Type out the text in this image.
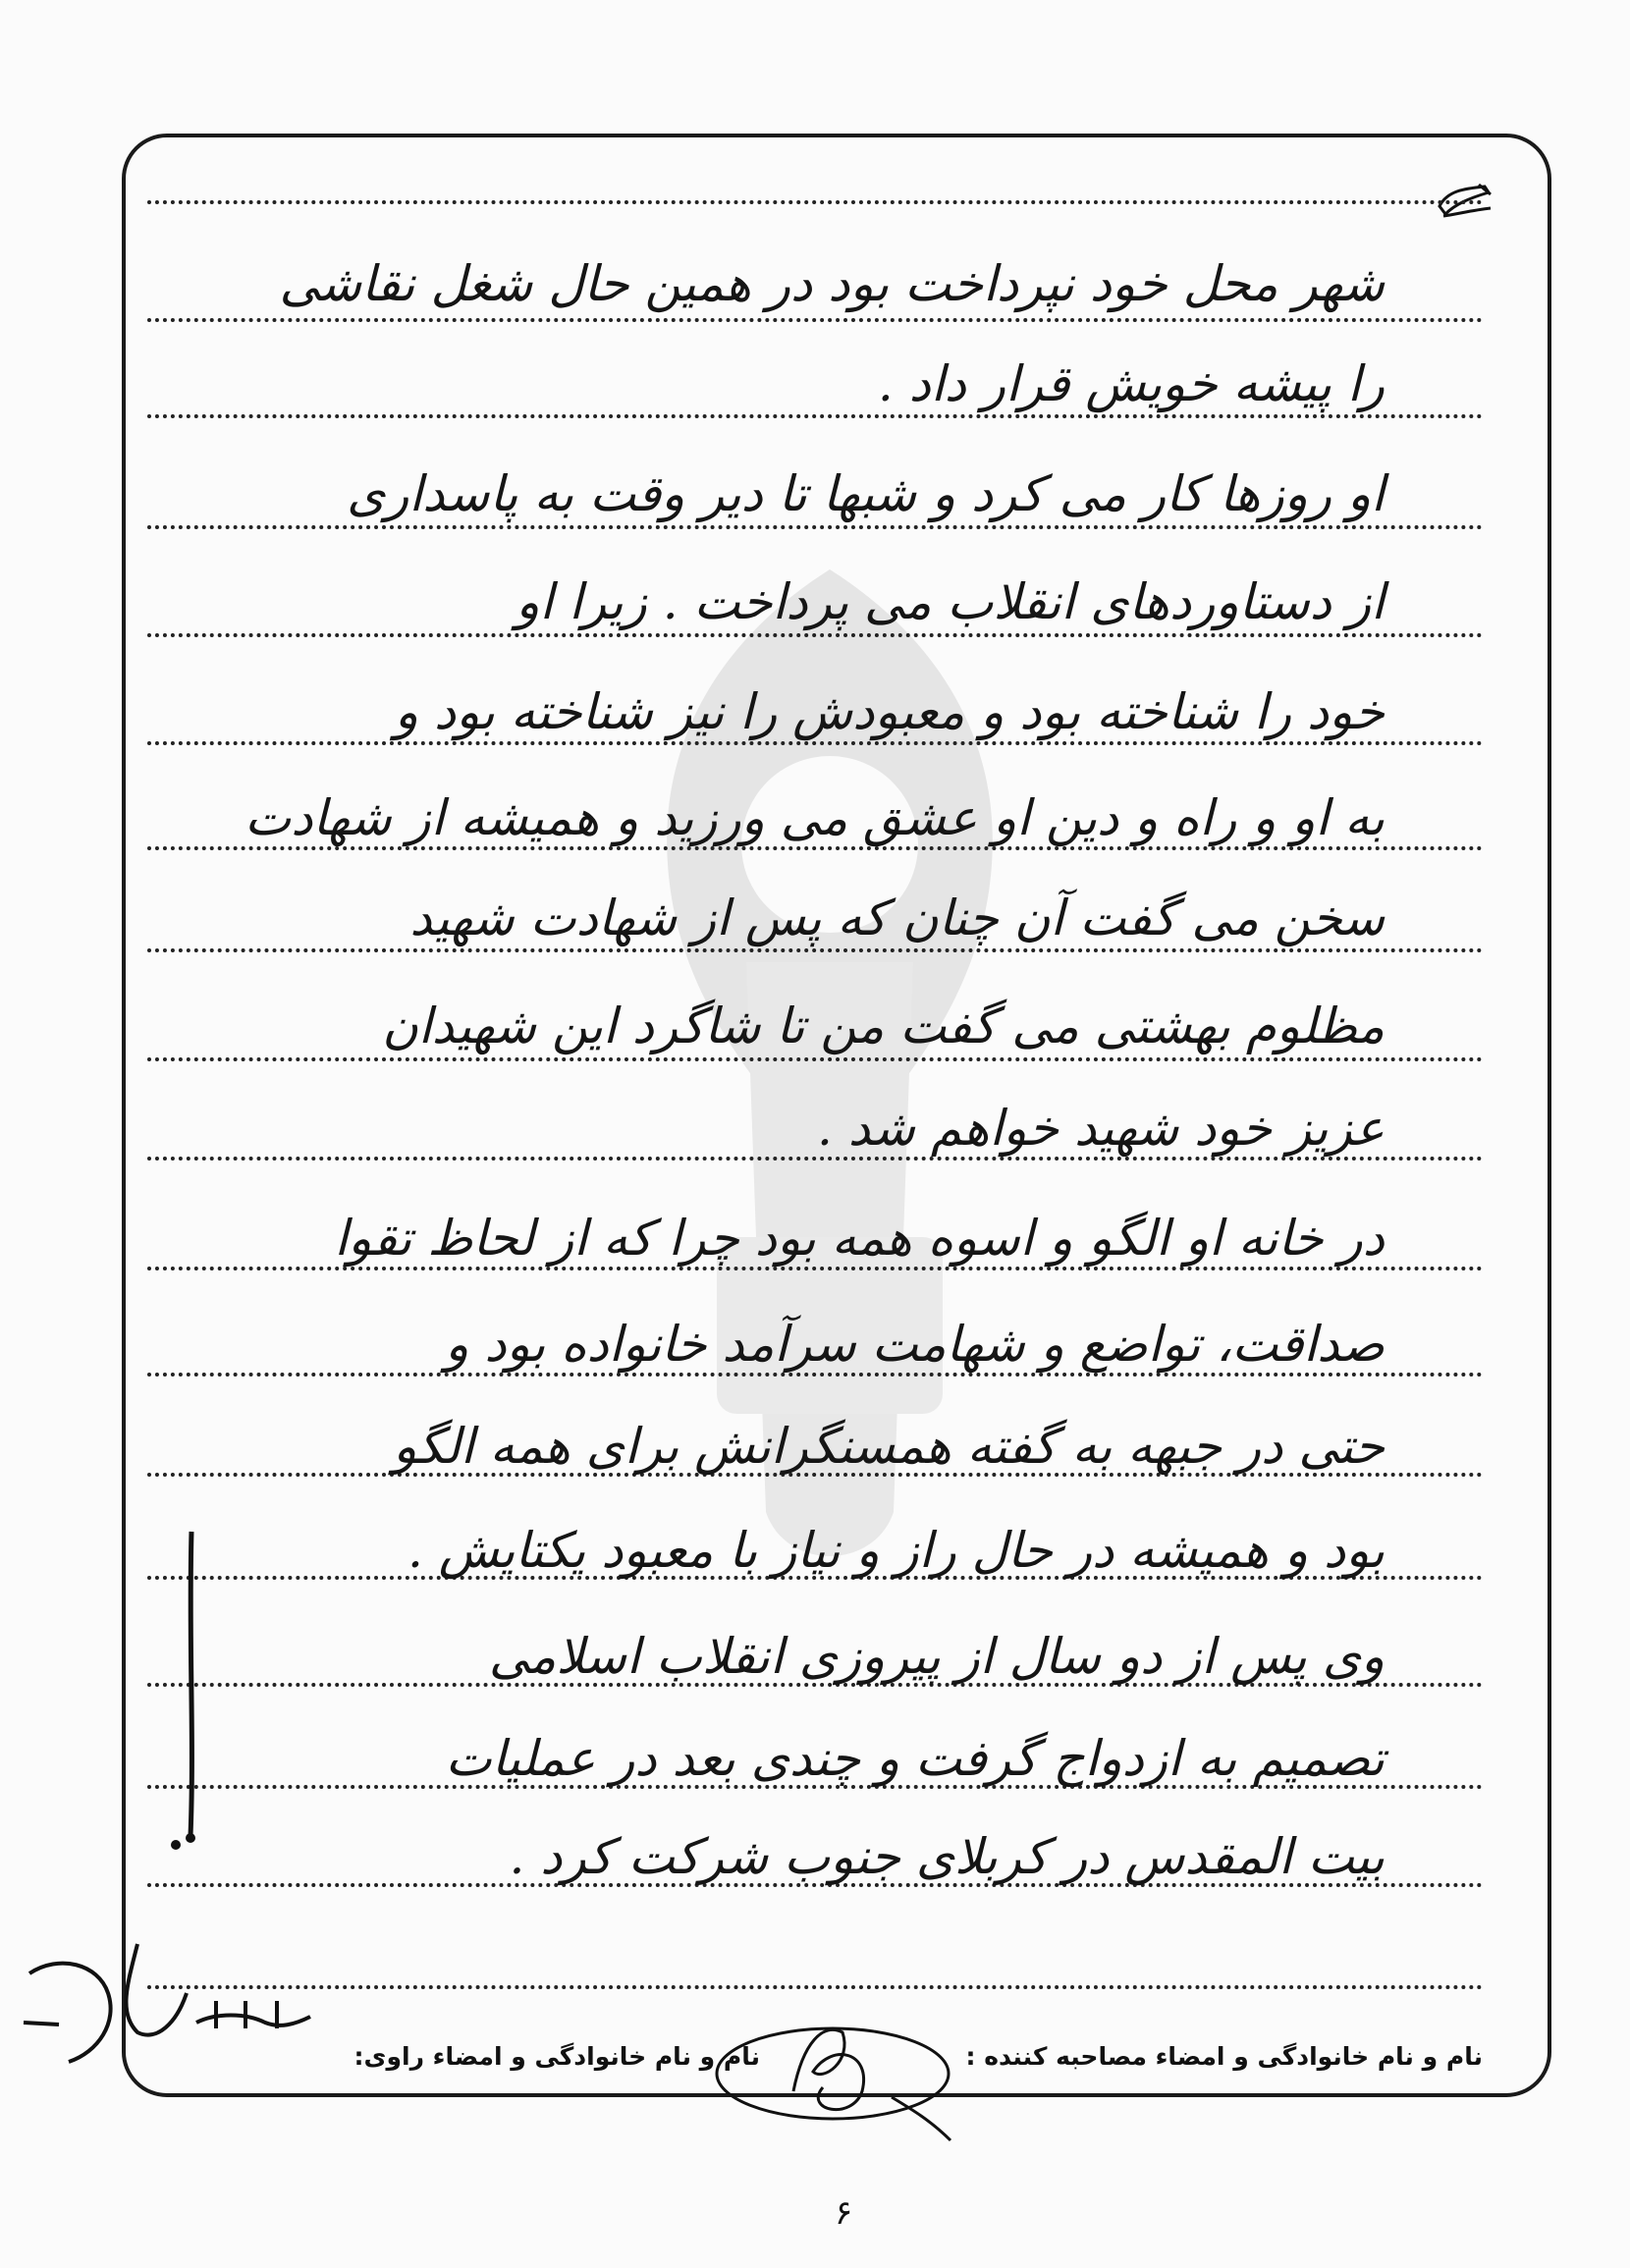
شهر محل خود نپرداخت بود در همین حال شغل نقاشی
را پیشه خویش قرار داد .
او روزها کار می کرد و شبها تا دیر وقت به پاسداری
از دستاوردهای انقلاب می پرداخت . زیرا او
خود را شناخته بود و معبودش را نیز شناخته بود و
به او و راه و دین او عشق می ورزید و همیشه از شهادت
سخن می گفت آن چنان که پس از شهادت شهید
مظلوم بهشتی می گفت من تا شاگرد این شهیدان
عزیز خود شهید خواهم شد .
در خانه او الگو و اسوه همه بود چرا که از لحاظ تقوا
صداقت، تواضع و شهامت سرآمد خانواده بود و
حتی در جبهه به گفته همسنگرانش برای همه الگو
بود و همیشه در حال راز و نیاز با معبود یکتایش .
وی پس از دو سال از پیروزی انقلاب اسلامی
تصمیم به ازدواج گرفت و چندی بعد در عملیات
بیت المقدس در کربلای جنوب شرکت کرد .
نام و نام خانوادگی و امضاء مصاحبه کننده :
نام و نام خانوادگی و امضاء راوی:
۶
